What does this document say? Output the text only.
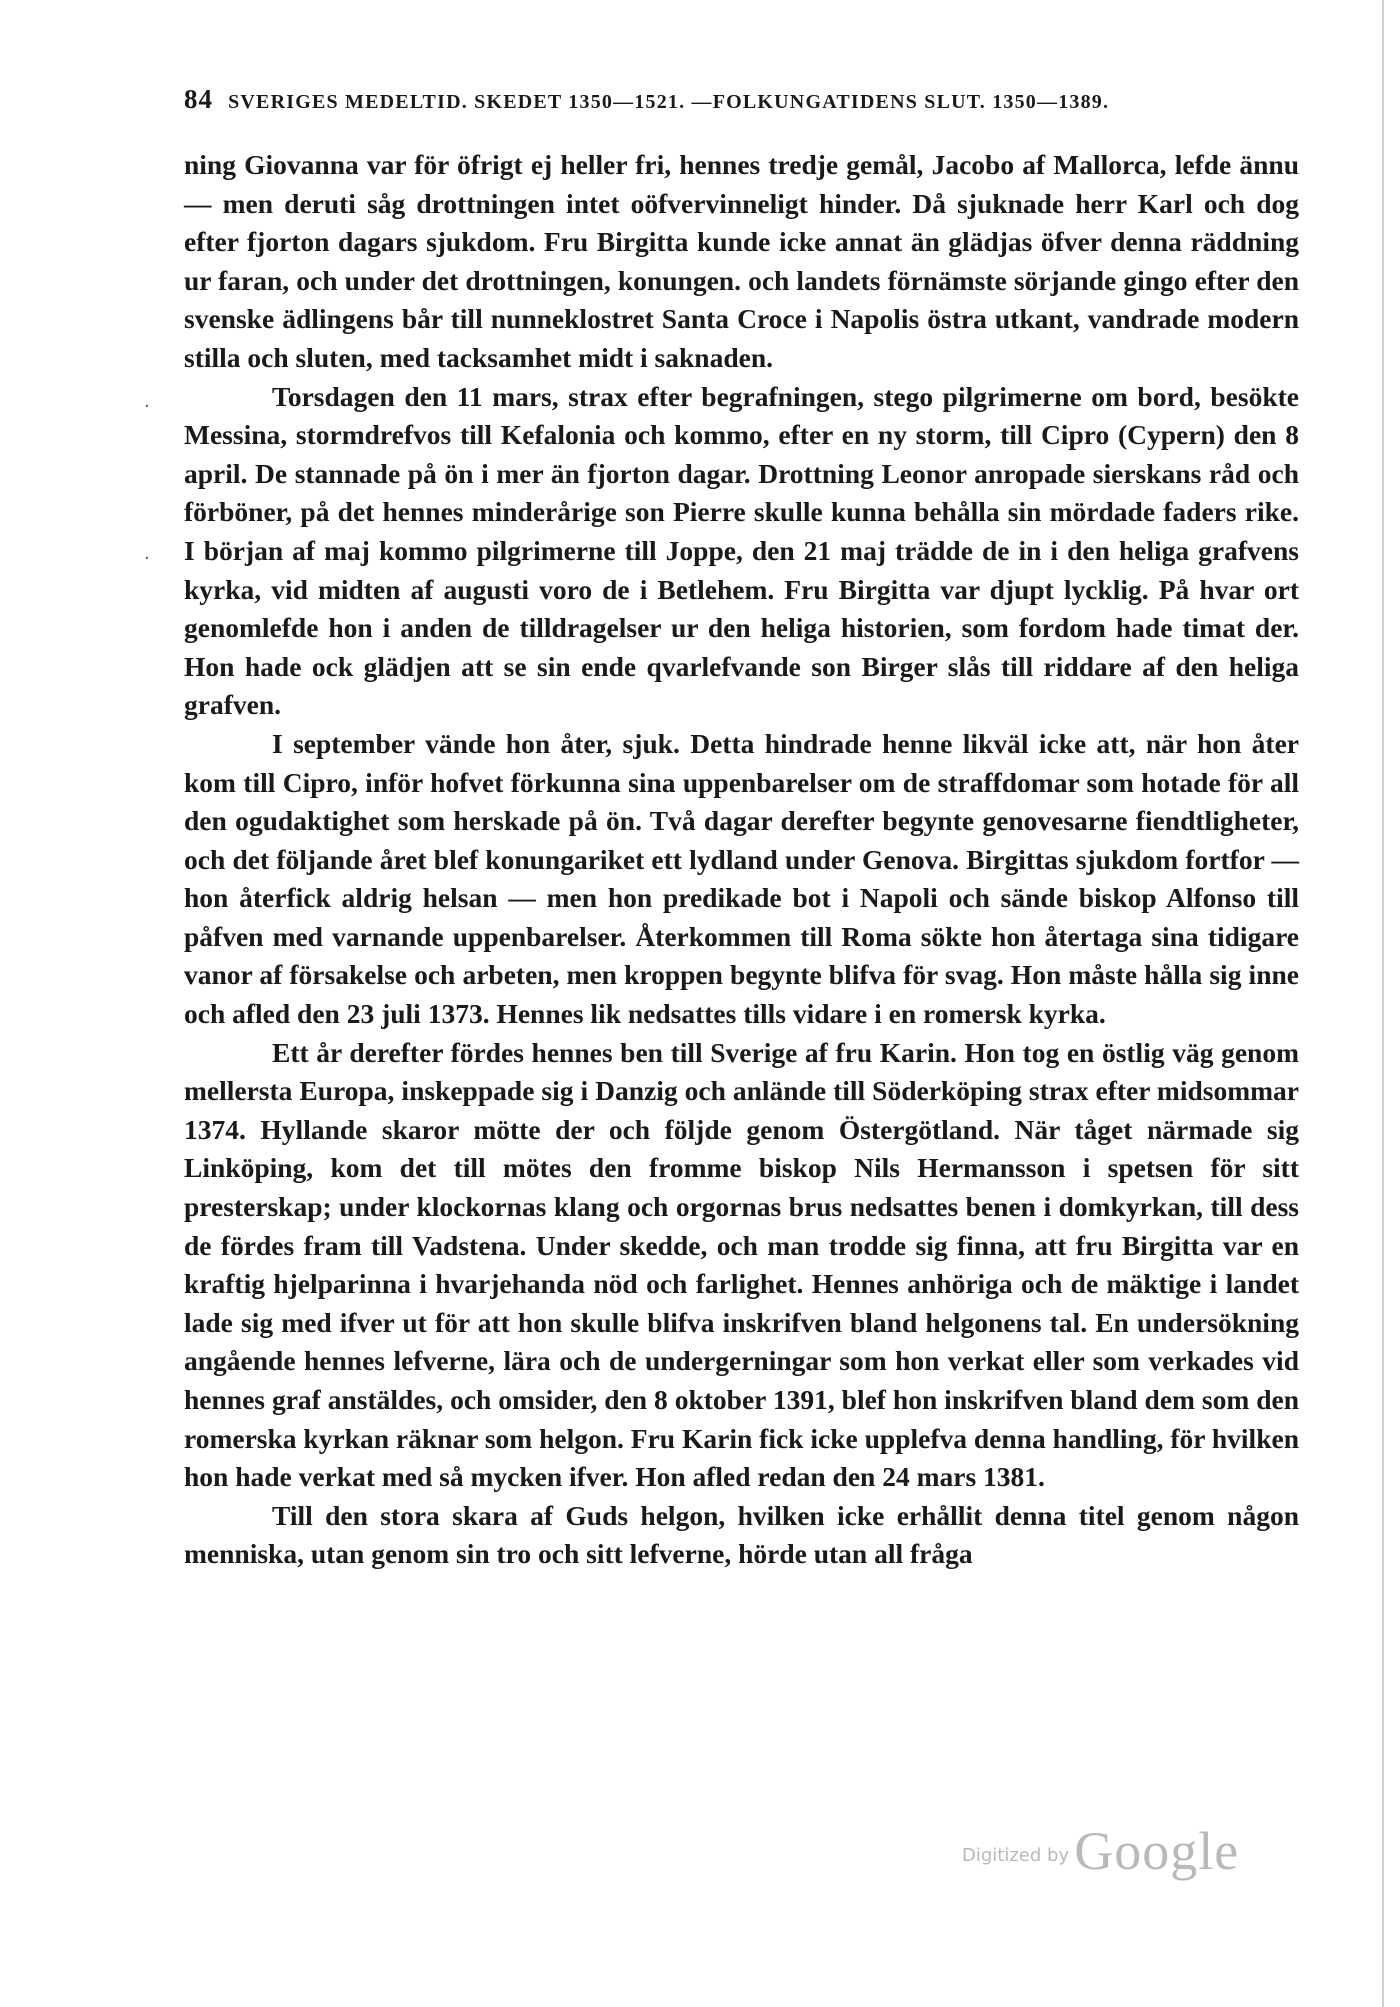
84 SVERIGES MEDELTID. SKEDET 1350—1521. —FOLKUNGATIDENS SLUT. 1350—1389.
·
·

ning Giovanna var för öfrigt ej heller fri, hennes tredje gemål, Jacobo af Mallorca, lefde ännu — men deruti såg drottningen intet oöfvervinneligt hinder. Då sjuknade herr Karl och dog efter fjorton dagars sjukdom. Fru Birgitta kunde icke annat än glädjas öfver denna räddning ur faran, och under det drottningen, konungen. och landets förnämste sörjande gingo efter den svenske ädlingens bår till nunneklostret Santa Croce i Napolis östra utkant, vandrade modern stilla och sluten, med tacksamhet midt i saknaden.

Torsdagen den 11 mars, strax efter begrafningen, stego pilgrimerne om bord, besökte Messina, stormdrefvos till Kefalonia och kommo, efter en ny storm, till Cipro (Cypern) den 8 april. De stannade på ön i mer än fjorton dagar. Drottning Leonor anropade sierskans råd och förböner, på det hennes minderårige son Pierre skulle kunna behålla sin mördade faders rike. I början af maj kommo pilgrimerne till Joppe, den 21 maj trädde de in i den heliga grafvens kyrka, vid midten af augusti voro de i Betlehem. Fru Birgitta var djupt lycklig. På hvar ort genomlefde hon i anden de tilldragelser ur den heliga historien, som fordom hade timat der. Hon hade ock glädjen att se sin ende qvarlefvande son Birger slås till riddare af den heliga grafven.

I september vände hon åter, sjuk. Detta hindrade henne likväl icke att, när hon åter kom till Cipro, inför hofvet förkunna sina uppenbarelser om de straffdomar som hotade för all den ogudaktighet som herskade på ön. Två dagar derefter begynte genovesarne fiendtligheter, och det följande året blef konungariket ett lydland under Genova. Birgittas sjukdom fortfor — hon återfick aldrig helsan — men hon predikade bot i Napoli och sände biskop Alfonso till påfven med varnande uppenbarelser. Återkommen till Roma sökte hon återtaga sina tidigare vanor af försakelse och arbeten, men kroppen begynte blifva för svag. Hon måste hålla sig inne och afled den 23 juli 1373. Hennes lik nedsattes tills vidare i en romersk kyrka.

Ett år derefter fördes hennes ben till Sverige af fru Karin. Hon tog en östlig väg genom mellersta Europa, inskeppade sig i Danzig och anlände till Söderköping strax efter midsommar 1374. Hyllande skaror mötte der och följde genom Östergötland. När tåget närmade sig Linköping, kom det till mötes den fromme biskop Nils Hermansson i spetsen för sitt presterskap; under klockornas klang och orgornas brus nedsattes benen i domkyrkan, till dess de fördes fram till Vadstena. Under skedde, och man trodde sig finna, att fru Birgitta var en kraftig hjelparinna i hvarjehanda nöd och farlighet. Hennes anhöriga och de mäktige i landet lade sig med ifver ut för att hon skulle blifva inskrifven bland helgonens tal. En undersökning angående hennes lefverne, lära och de undergerningar som hon verkat eller som verkades vid hennes graf anstäldes, och omsider, den 8 oktober 1391, blef hon inskrifven bland dem som den romerska kyrkan räknar som helgon. Fru Karin fick icke upplefva denna handling, för hvilken hon hade verkat med så mycken ifver. Hon afled redan den 24 mars 1381.

Till den stora skara af Guds helgon, hvilken icke erhållit denna titel genom någon menniska, utan genom sin tro och sitt lefverne, hörde utan all fråga

Digitized by Google
